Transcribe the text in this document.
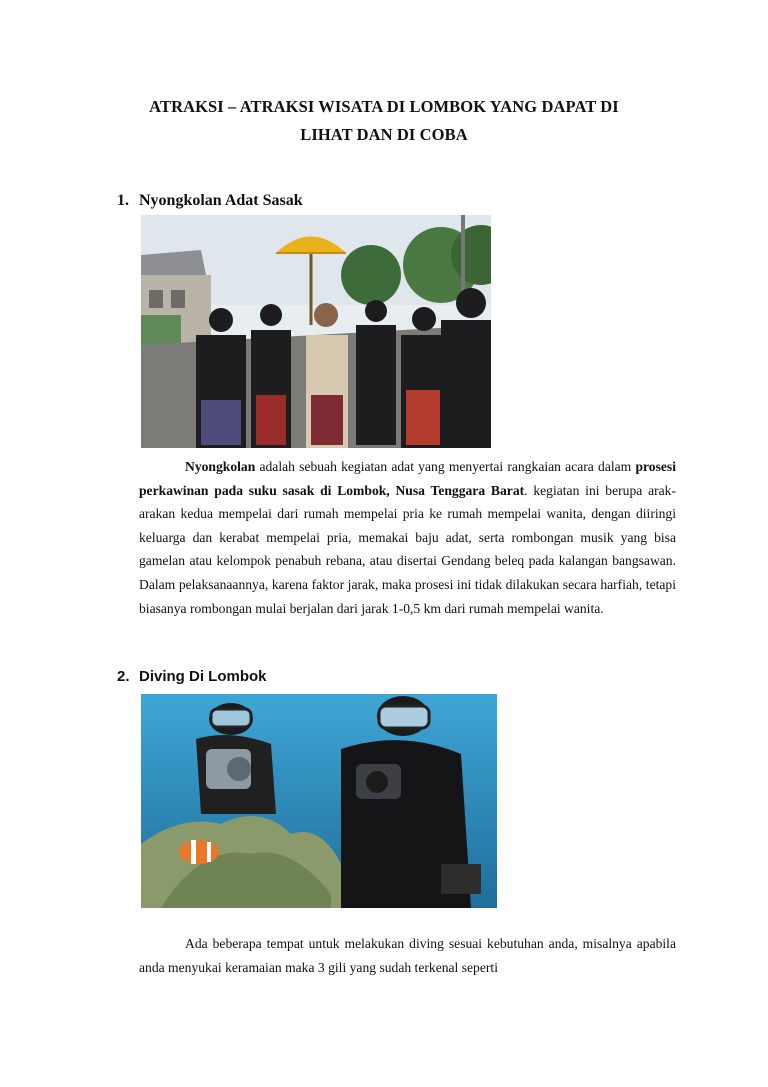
ATRAKSI – ATRAKSI WISATA DI LOMBOK YANG DAPAT DI
LIHAT DAN DI COBA
1. Nyongkolan Adat Sasak
Nyongkolan adalah sebuah kegiatan adat yang menyertai rangkaian acara dalam prosesi perkawinan pada suku sasak di Lombok, Nusa Tenggara Barat. kegiatan ini berupa arak-arakan kedua mempelai dari rumah mempelai pria ke rumah mempelai wanita, dengan diiringi keluarga dan kerabat mempelai pria, memakai baju adat, serta rombongan musik yang bisa gamelan atau kelompok penabuh rebana, atau disertai Gendang beleq pada kalangan bangsawan. Dalam pelaksanaannya, karena faktor jarak, maka prosesi ini tidak dilakukan secara harfiah, tetapi biasanya rombongan mulai berjalan dari jarak 1-0,5 km dari rumah mempelai wanita.
2. Diving Di Lombok
Ada beberapa tempat untuk melakukan diving sesuai kebutuhan anda, misalnya apabila anda menyukai keramaian maka 3 gili yang sudah terkenal seperti
